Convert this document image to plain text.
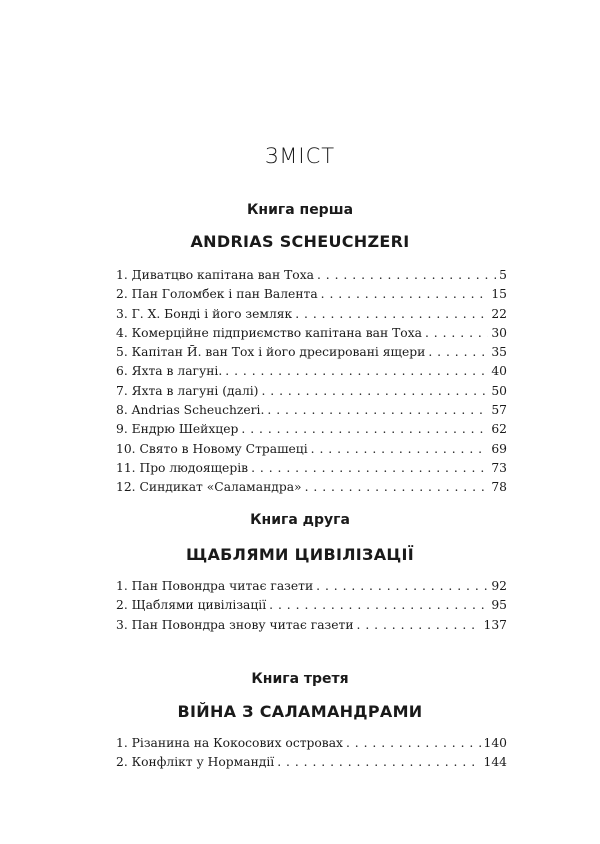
ЗМІСТ
Книга перша
ANDRIAS SCHEUCHZERI
1. Диватцво капітана ван Тоха . . .	5
2. Пан Голомбек і пан Валента . . .	15
3. Г. Х. Бонді і його земляк . . .	22
4. Комерційне підприємство капітана ван Тоха . . .	30
5. Капітан Й. ван Тох і його дресировані ящери . . .	35
6. Яхта в лагуні. . . .	40
7. Яхта в лагуні (далі) . . .	50
8. Andrias Scheuchzeri. . . .	57
9. Ендрю Шейхцер . . .	62
10. Свято в Новому Страшеці . . .	69
11. Про людоящерів . . .	73
12. Синдикат «Саламандра» . . .	78
Книга друга
ЩАБЛЯМИ ЦИВІЛІЗАЦІЇ
1. Пан Повондра читає газети . . .	92
2. Щаблями цивілізації . . .	95
3. Пан Повондра знову читає газети . . .	137
Книга третя
ВІЙНА З САЛАМАНДРАМИ
1. Різанина на Кокосових островах . . .	140
2. Конфлікт у Нормандії . . .	144
